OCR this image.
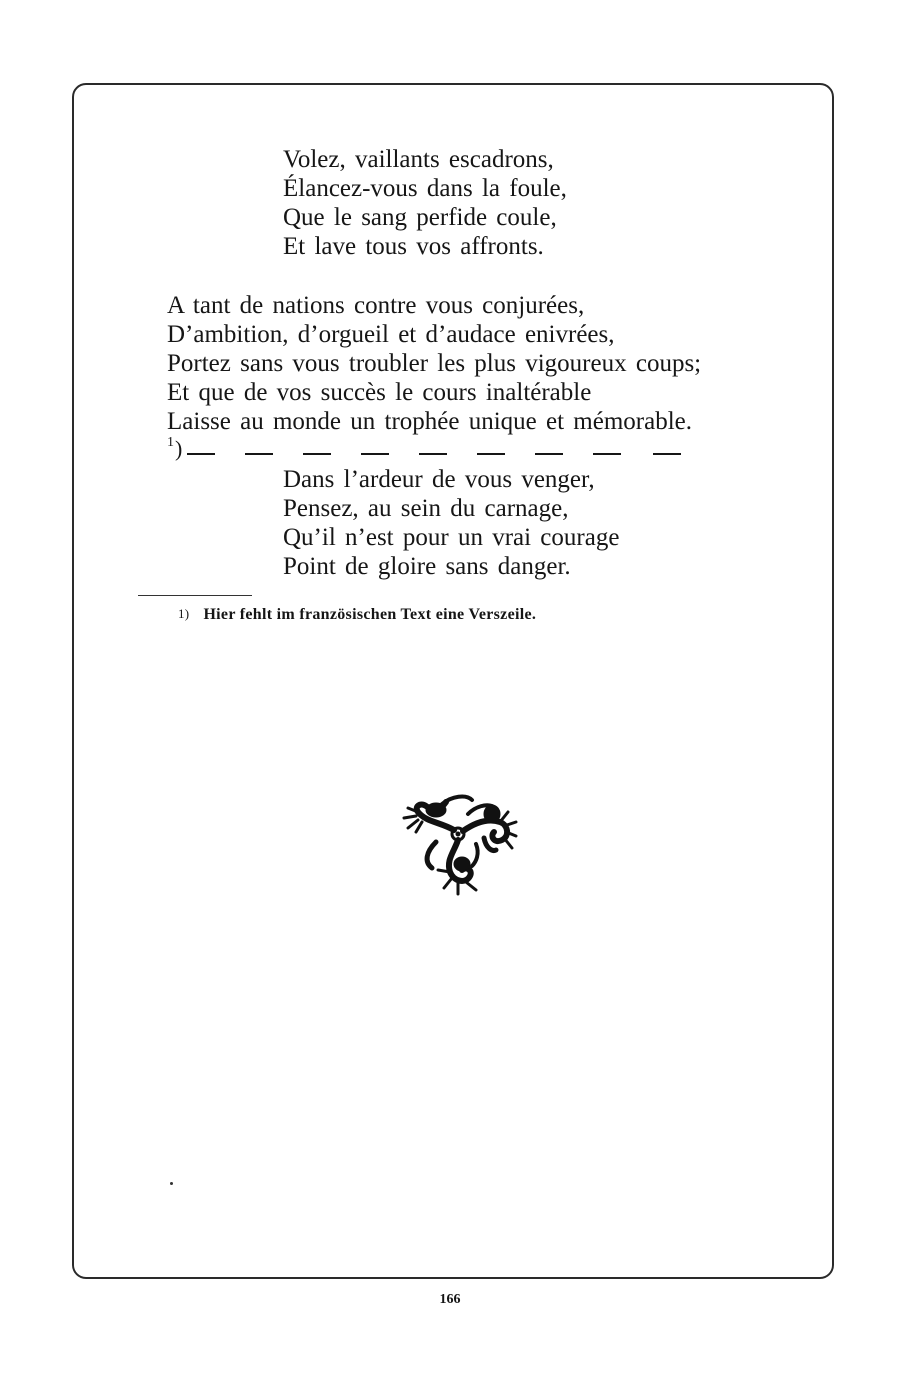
Volez, vaillants escadrons,
Élancez-vous dans la foule,
Que le sang perfide coule,
Et lave tous vos affronts.
A tant de nations contre vous conjurées,
D’ambition, d’orgueil et d’audace enivrées,
Portez sans vous troubler les plus vigoureux coups;
Et que de vos succès le cours inaltérable
Laisse au monde un trophée unique et mémorable.
1 )
Dans l’ardeur de vous venger,
Pensez, au sein du carnage,
Qu’il n’est pour un vrai courage
Point de gloire sans danger.
$^{1)}$ Hier fehlt im französischen Text eine Verszeile.
166
